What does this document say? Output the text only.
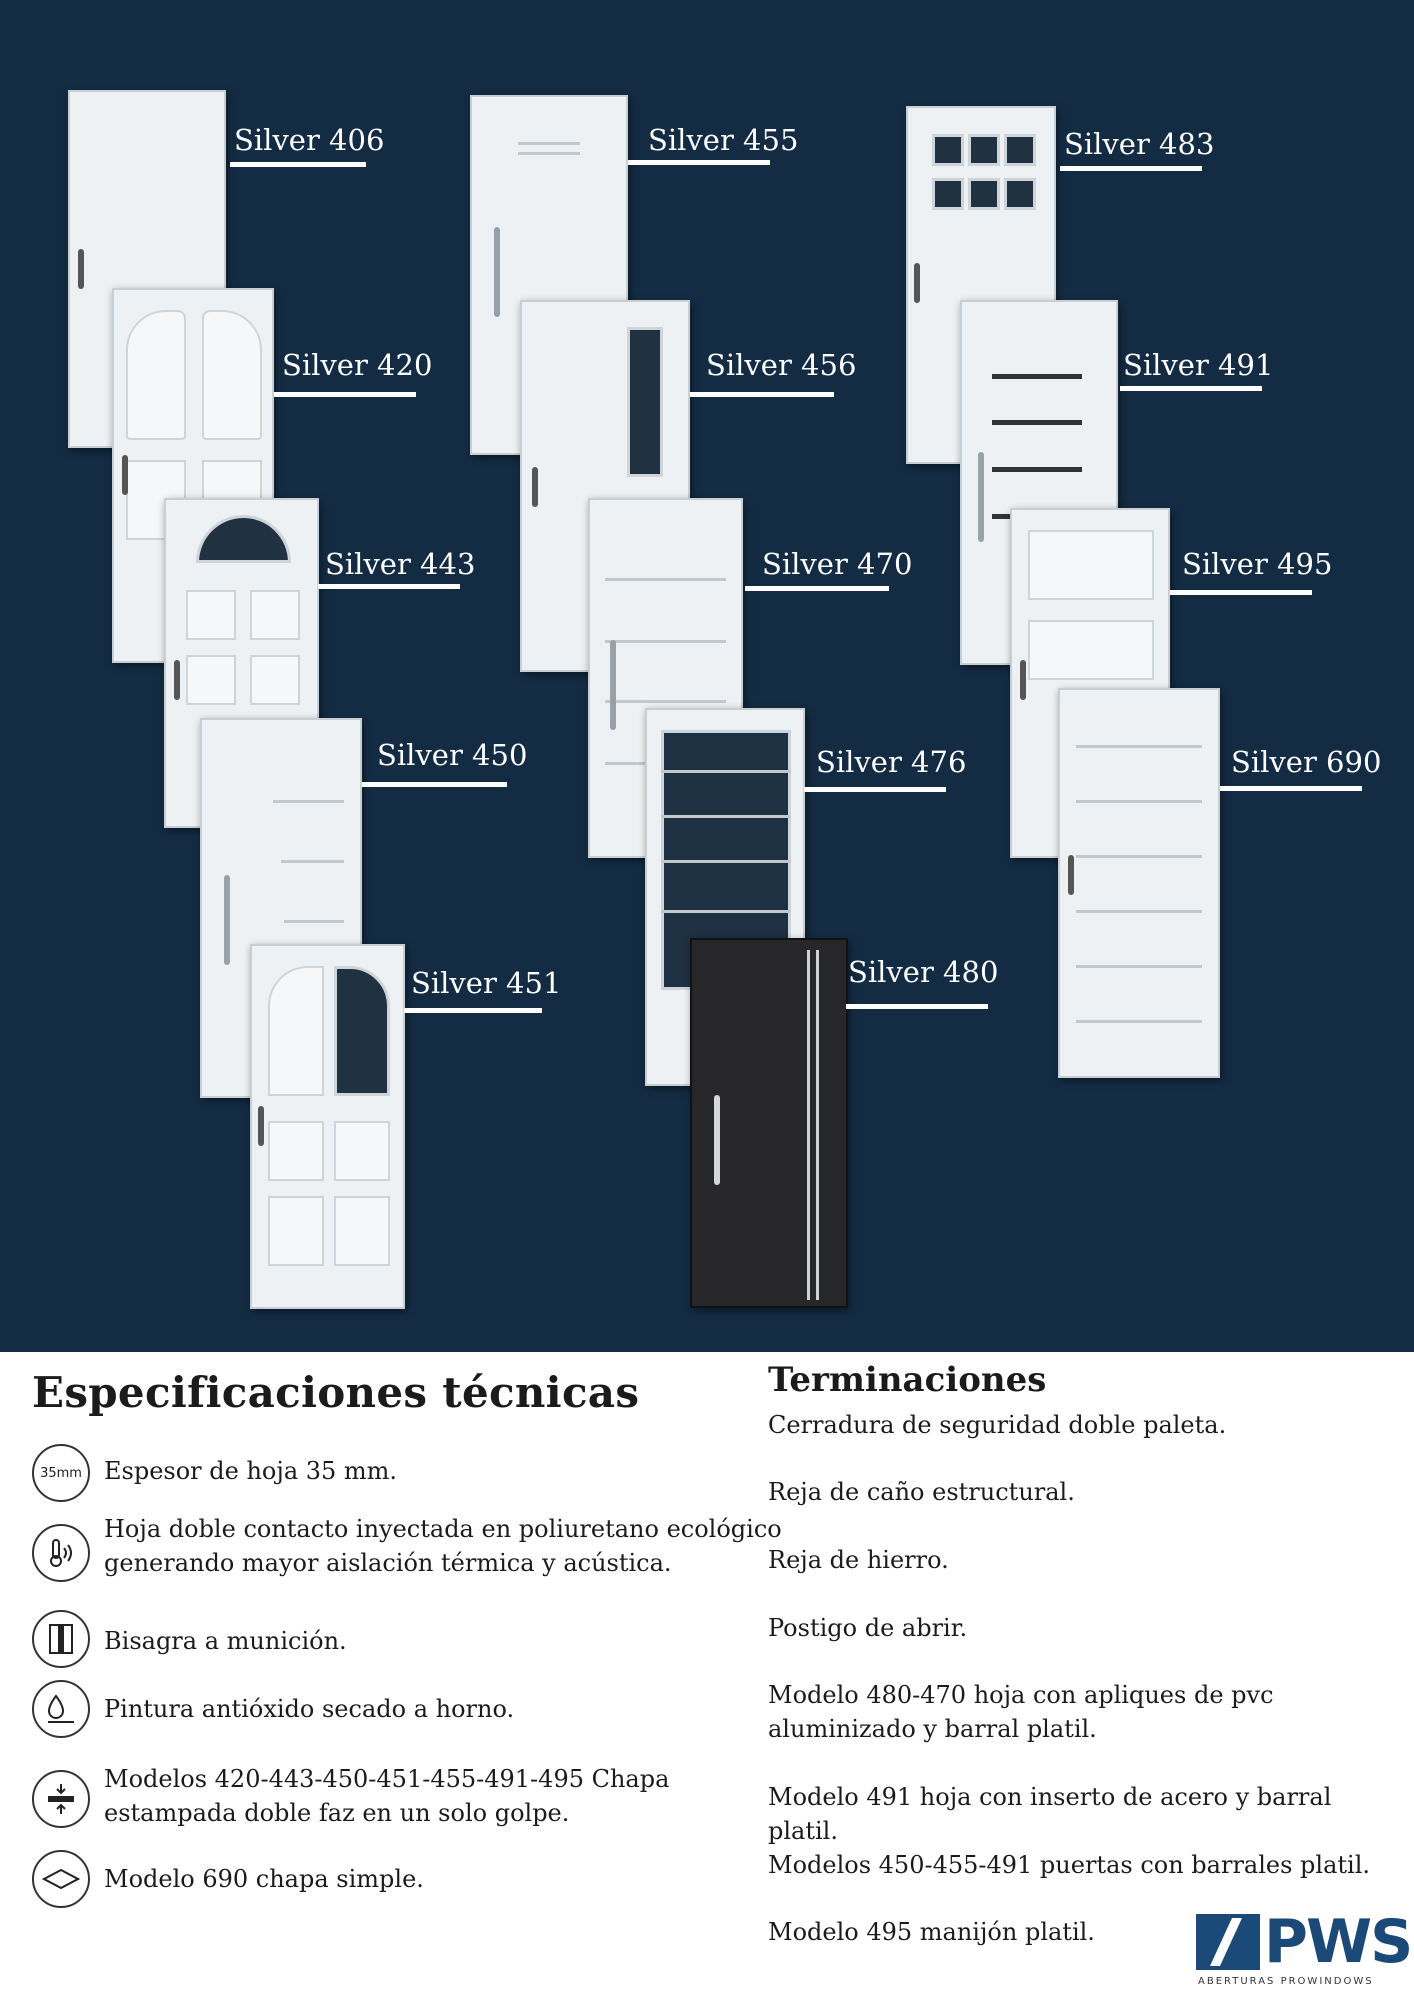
Silver 406
Silver 420
Silver 443
Silver 450
Silver 451
Silver 455
Silver 456
Silver 470
Silver 476
Silver 480
Silver 483
Silver 491
Silver 495
Silver 690
Especificaciones técnicas
35mm Espesor de hoja 35 mm.
Hoja doble contacto inyectada en poliuretano ecológico generando mayor aislación térmica y acústica.
Bisagra a munición.
Pintura antióxido secado a horno.
Modelos 420-443-450-451-455-491-495 Chapa estampada doble faz en un solo golpe.
Modelo 690 chapa simple.
Terminaciones
Cerradura de seguridad doble paleta.
Reja de caño estructural.
Reja de hierro.
Postigo de abrir.
Modelo 480-470 hoja con apliques de pvc aluminizado y barral platil.
Modelo 491 hoja con inserto de acero y barral platil.
Modelos 450-455-491 puertas con barrales platil.
Modelo 495 manijón platil.	PWS
ABERTURAS PROWINDOWS
